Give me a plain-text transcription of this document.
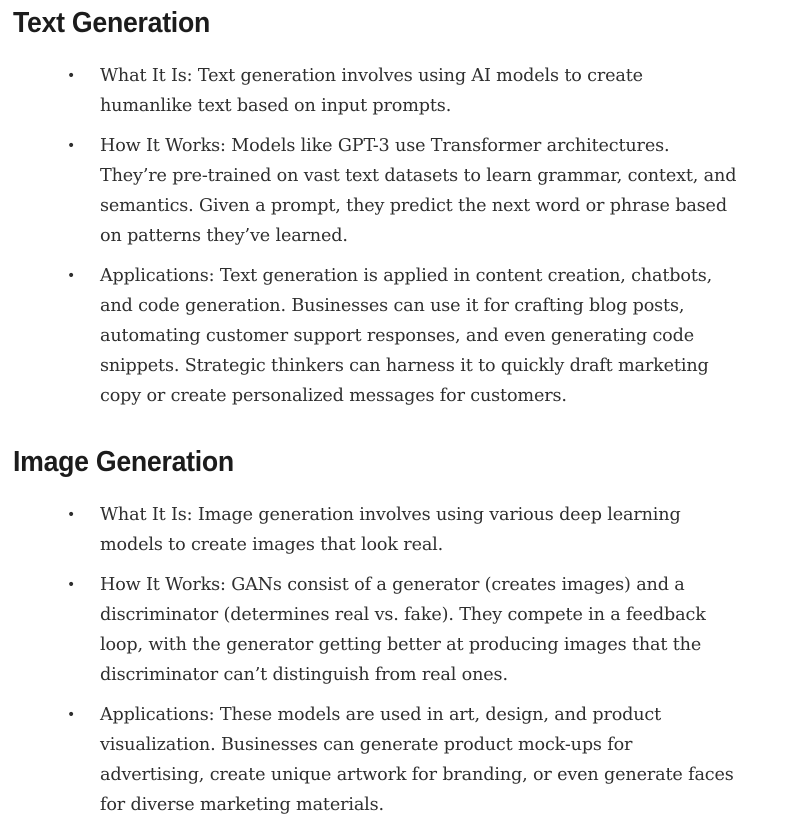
Text Generation
• What It Is: Text generation involves using AI models to create humanlike text based on input prompts.
• How It Works: Models like GPT-3 use Transformer architectures. They’re pre-trained on vast text datasets to learn grammar, context, and semantics. Given a prompt, they predict the next word or phrase based on patterns they’ve learned.
• Applications: Text generation is applied in content creation, chatbots, and code generation. Businesses can use it for crafting blog posts, automating customer support responses, and even generating code snippets. Strategic thinkers can harness it to quickly draft marketing copy or create personalized messages for customers.
Image Generation
• What It Is: Image generation involves using various deep learning models to create images that look real.
• How It Works: GANs consist of a generator (creates images) and a discriminator (determines real vs. fake). They compete in a feedback loop, with the generator getting better at producing images that the discriminator can’t distinguish from real ones.
• Applications: These models are used in art, design, and product visualization. Businesses can generate product mock-ups for advertising, create unique artwork for branding, or even generate faces for diverse marketing materials.
